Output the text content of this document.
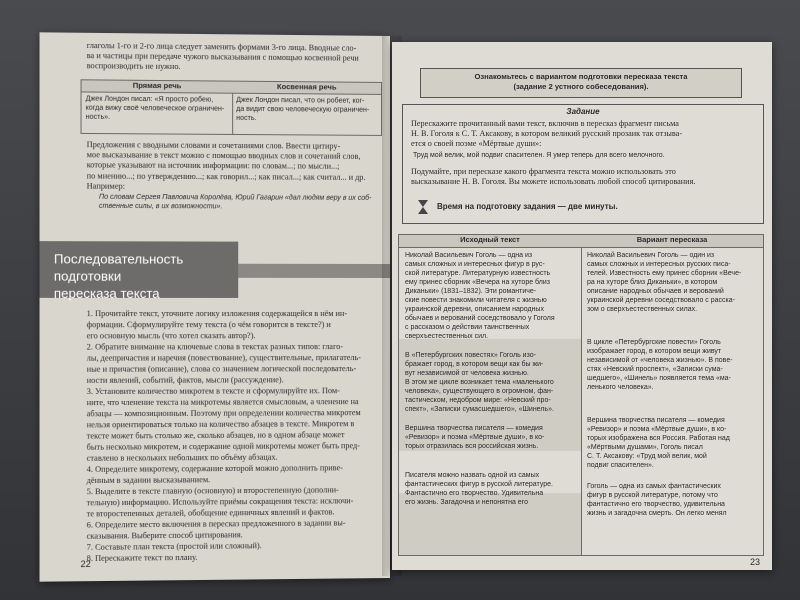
глаголы 1-го и 2-го лица следует заменять формами 3-го лица. Вводные сло-
ва и частицы при передаче чужого высказывания с помощью косвенной речи
воспроизводить не нужно.
Прямая речь	Косвенная речь
Джек Лондон писал: «Я просто робею,
когда вижу своё человеческое ограничен-
ность».
Джек Лондон писал, что он робеет, ког-
да видит свою человеческую ограничен-
ность.
Предложения с вводными словами и сочетаниями слов. Ввести цитиру-
мое высказывание в текст можно с помощью вводных слов и сочетаний слов,
которые указывают на источник информации: по словам...; по мысли...;
по мнению...; по утверждению...; как говорил...; как писал...; как считал... и др.
Например:
По словам Сергея Павловича Королёва, Юрий Гагарин «дал людям веру в их соб-
ственные силы, в их возможности».
Последовательность подготовки
пересказа текста
1. Прочитайте текст, уточните логику изложения содержащейся в нём ин-
формации. Сформулируйте тему текста (о чём говорится в тексте?) и
его основную мысль (что хотел сказать автор?).
2. Обратите внимание на ключевые слова в текстах разных типов: глаго-
лы, деепричастия и наречия (повествование), существительные, прилагатель-
ные и причастия (описание), слова со значением логической последователь-
ности явлений, событий, фактов, мысли (рассуждение).
3. Установите количество микротем в тексте и сформулируйте их. Пом-
ните, что членение текста на микротемы является смысловым, а членение на
абзацы — композиционным. Поэтому при определении количества микротем
нельзя ориентироваться только на количество абзацев в тексте. Микротем в
тексте может быть столько же, сколько абзацев, но в одном абзаце может
быть несколько микротем, и содержание одной микротемы может быть пред-
ставлено в нескольких небольших по объёму абзацах.
4. Определите микротему, содержание которой можно дополнить приве-
дённым в задании высказыванием.
5. Выделите в тексте главную (основную) и второстепенную (дополни-
тельную) информацию. Используйте приёмы сокращения текста: исключи-
те второстепенных деталей, обобщение единичных явлений и фактов.
6. Определите место включения в пересказ предложенного в задании вы-
сказывания. Выберите способ цитирования.
7. Составьте план текста (простой или сложный).
8. Перескажите текст по плану.
22
Ознакомьтесь с вариантом подготовки пересказа текста
(задание 2 устного собеседования).
Задание
Перескажите прочитанный вами текст, включив в пересказ фрагмент письма
Н. В. Гоголя к С. Т. Аксакову, в котором великий русский прозаик так отзыва-
ется о своей поэме «Мёртвые души»:
Труд мой велик, мой подвиг спасителен. Я умер теперь для всего мелочного.
Подумайте, при пересказе какого фрагмента текста можно использовать это
высказывание Н. В. Гоголя. Вы можете использовать любой способ цитирования.
Время на подготовку задания — две минуты.
Исходный текст	Вариант пересказа
Николай Васильевич Гоголь — одна из
самых сложных и интересных фигур в рус-
ской литературе. Литературную известность
ему принес сборник «Вечера на хуторе близ
Диканьки» (1831–1832). Эти романтиче-
ские повести знакомили читателя с жизнью
украинской деревни, описанием народных
обычаев и верований соседствовало у Гоголя
с рассказом о действии таинственных
сверхъестественных сил.
В «Петербургских повестях» Гоголь изо-
бражает город, в котором вещи как бы жи-
вут независимой от человека жизнью.
В этом же цикле возникает тема «маленького
человека», существующего в огромном, фан-
тастическом, недобром мире: «Невский про-
спект», «Записки сумасшедшего», «Шинель».
Вершина творчества писателя — комедия
«Ревизор» и поэма «Мёртвые души», в ко-
торых отразилась вся российская жизнь.
Писателя можно назвать одной из самых
фантастических фигур в русской литературе.
Фантастично его творчество. Удивительна
его жизнь. Загадочна и непонятна его
Николай Васильевич Гоголь — один из
самых сложных и интересных русских писа-
телей. Известность ему принес сборник «Вече-
ра на хуторе близ Диканьки», в котором
описание народных обычаев и верований
украинской деревни соседствовало с расска-
зом о сверхъестественных силах.
В цикле «Петербургские повести» Гоголь
изображает город, в котором вещи живут
независимой от «человека жизнью». В пове-
стях «Невский проспект», «Записки сума-
шедшего», «Шинель» появляется тема «ма-
ленького человека».
Вершина творчества писателя — комедия
«Ревизор» и поэма «Мёртвые души», в ко-
торых изображена вся Россия. Работая над
«Мёртвыми душами», Гоголь писал
С. Т. Аксакову: «Труд мой велик, мой
подвиг спасителен».
Гоголь — одна из самых фантастических
фигур в русской литературе, потому что
фантастично его творчество, удивительна
жизнь и загадочна смерть. Он легко менял
23
